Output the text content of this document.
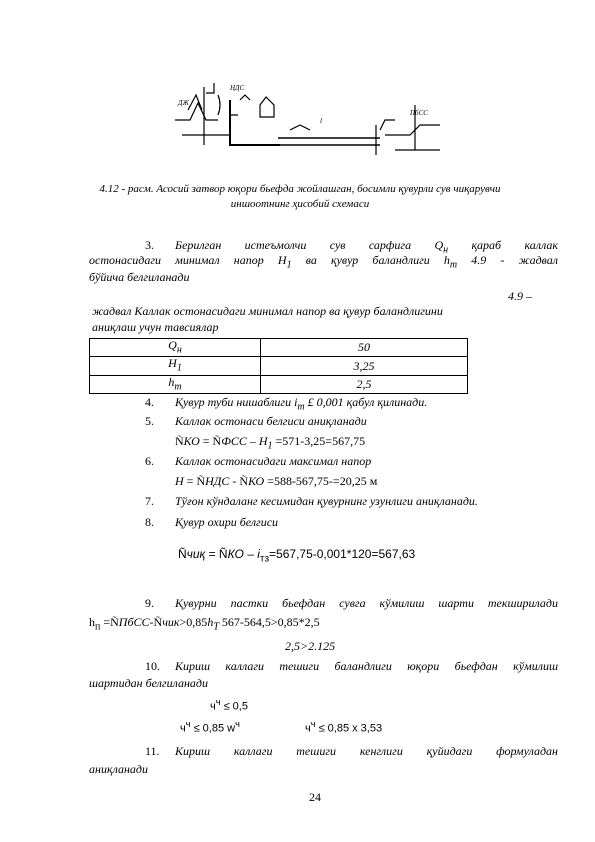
ДЖ
НДС
l
ПбСС
4.12 - расм. Асосий затвор юқори бьефда жойлашган, босимли қувурли сув чиқарувчи
иншоотнинг ҳисобий схемаси
3. Берилган истеъмолчи сув сарфига $Q_н$ қараб каллак
остонасидаги минимал напор $H_1$ ва қувур баландлиги $h_т$ 4.9 - жадвал
бўйича белгиланади
4.9 –
жадвал Каллак остонасидаги минимал напор ва қувур баландлигини
аниқлаш учун тавсиялар
$Q_н$	50
$H_1$	3,25
$h_т$	2,5
4. Қувур туби нишаблиги $i_т$ £ 0,001 қабул қилинади.
5. Каллак остонаси белгиси аниқланади
ÑКО = ÑФСС – $Н_1 =571-3,25=567,75$
6. Каллак остонасидаги максимал напор
Н = ÑНДС - ÑКО =588-567,75-=20,25 м
7. Тўғон кўндаланг кесимидан қувурнинг узунлиги аниқланади.
8. Қувур охири белгиси
Ñчиқ = ÑКО – $i_{тз}=567,75-0,001*120=567,63$
9. Қувурни пастки бьефдан сувга кўмилиш шарти текширилади
$h_п$ $=ÑПбСС-Ñчик>0,85h_Т$ 567-564,5>0,85*2,5
2,5>2.125
10. Кириш каллаги тешиги баландлиги юқори бьефдан кўмилиш
шартидан белгиланади
$ч^ч \le 0,5$
$ч^ч \le 0,85$ $w^ч$	$ч^ч \le 0,85$ x 3,53
11. Кириш каллаги тешиги кенглиги қуйидаги формуладан
аниқланади
24
